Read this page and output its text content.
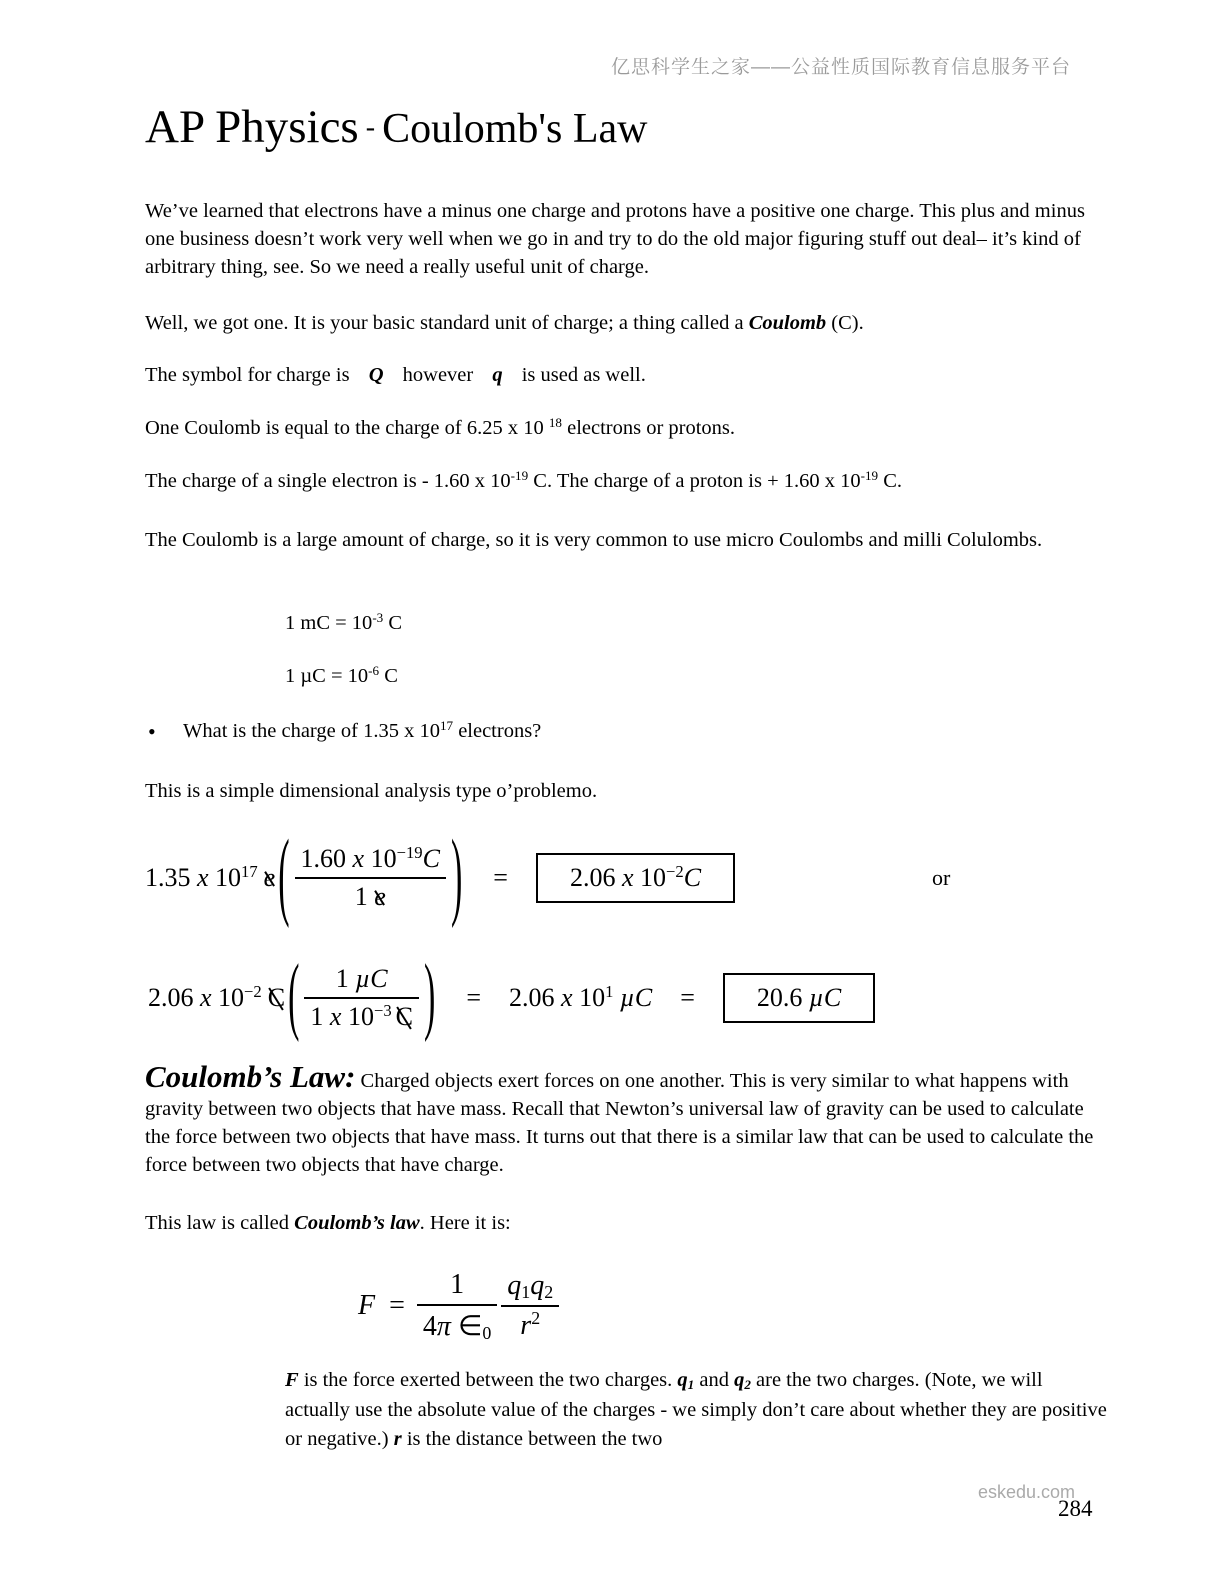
亿思科学生之家——公益性质国际教育信息服务平台
AP Physics - Coulomb's Law

We’ve learned that electrons have a minus one charge and protons have a positive one charge. This plus and minus one business doesn’t work very well when we go in and try to do the old major figuring stuff out deal– it’s kind of arbitrary thing, see. So we need a really useful unit of charge.

Well, we got one. It is your basic standard unit of charge; a thing called a Coulomb (C).

The symbol for charge is Q however q is used as well.

One Coulomb is equal to the charge of 6.25 x 10 $^{18}$ electrons or protons.

The charge of a single electron is - 1.60 x $10^{-19}$ C. The charge of a proton is + 1.60 x $10^{-19}$ C.

The Coulomb is a large amount of charge, so it is very common to use micro Coulombs and milli Colulombs.

1 mC = $10^{-3}$ C

1 $\mu C = 10^{-6}$ C

• What is the charge of 1.35 x $10^{17}$ electrons?

This is a simple dimensional analysis type o’problemo.

1.35 x $10^{17}$ e ( $\frac{1.60 x 10^{-19}C}{1 e}$ ) =	2.06 x $10^{-2}C$	or
2.06 x $10^{-2}$ C ( $\frac{\text{1 µC}}{1 x 10^{-3} C}$ ) = 2.06 x $10^1$ µC =	20.6 µC

Coulomb’s Law: Charged objects exert forces on one another. This is very similar to what happens with gravity between two objects that have mass. Recall that Newton’s universal law of gravity can be used to calculate the force between two objects that have mass. It turns out that there is a similar law that can be used to calculate the force between two objects that have charge.

This law is called Coulomb’s law. Here it is:

$F = \frac{1}{4\pi \in 0} \frac{q1q2}{r^2}$

F is the force exerted between the two charges. q1 and q2 are the two charges. (Note, we will actually use the absolute value of the charges - we simply don’t care about whether they are positive or negative.) r is the distance between the two

eskedu.com
284
